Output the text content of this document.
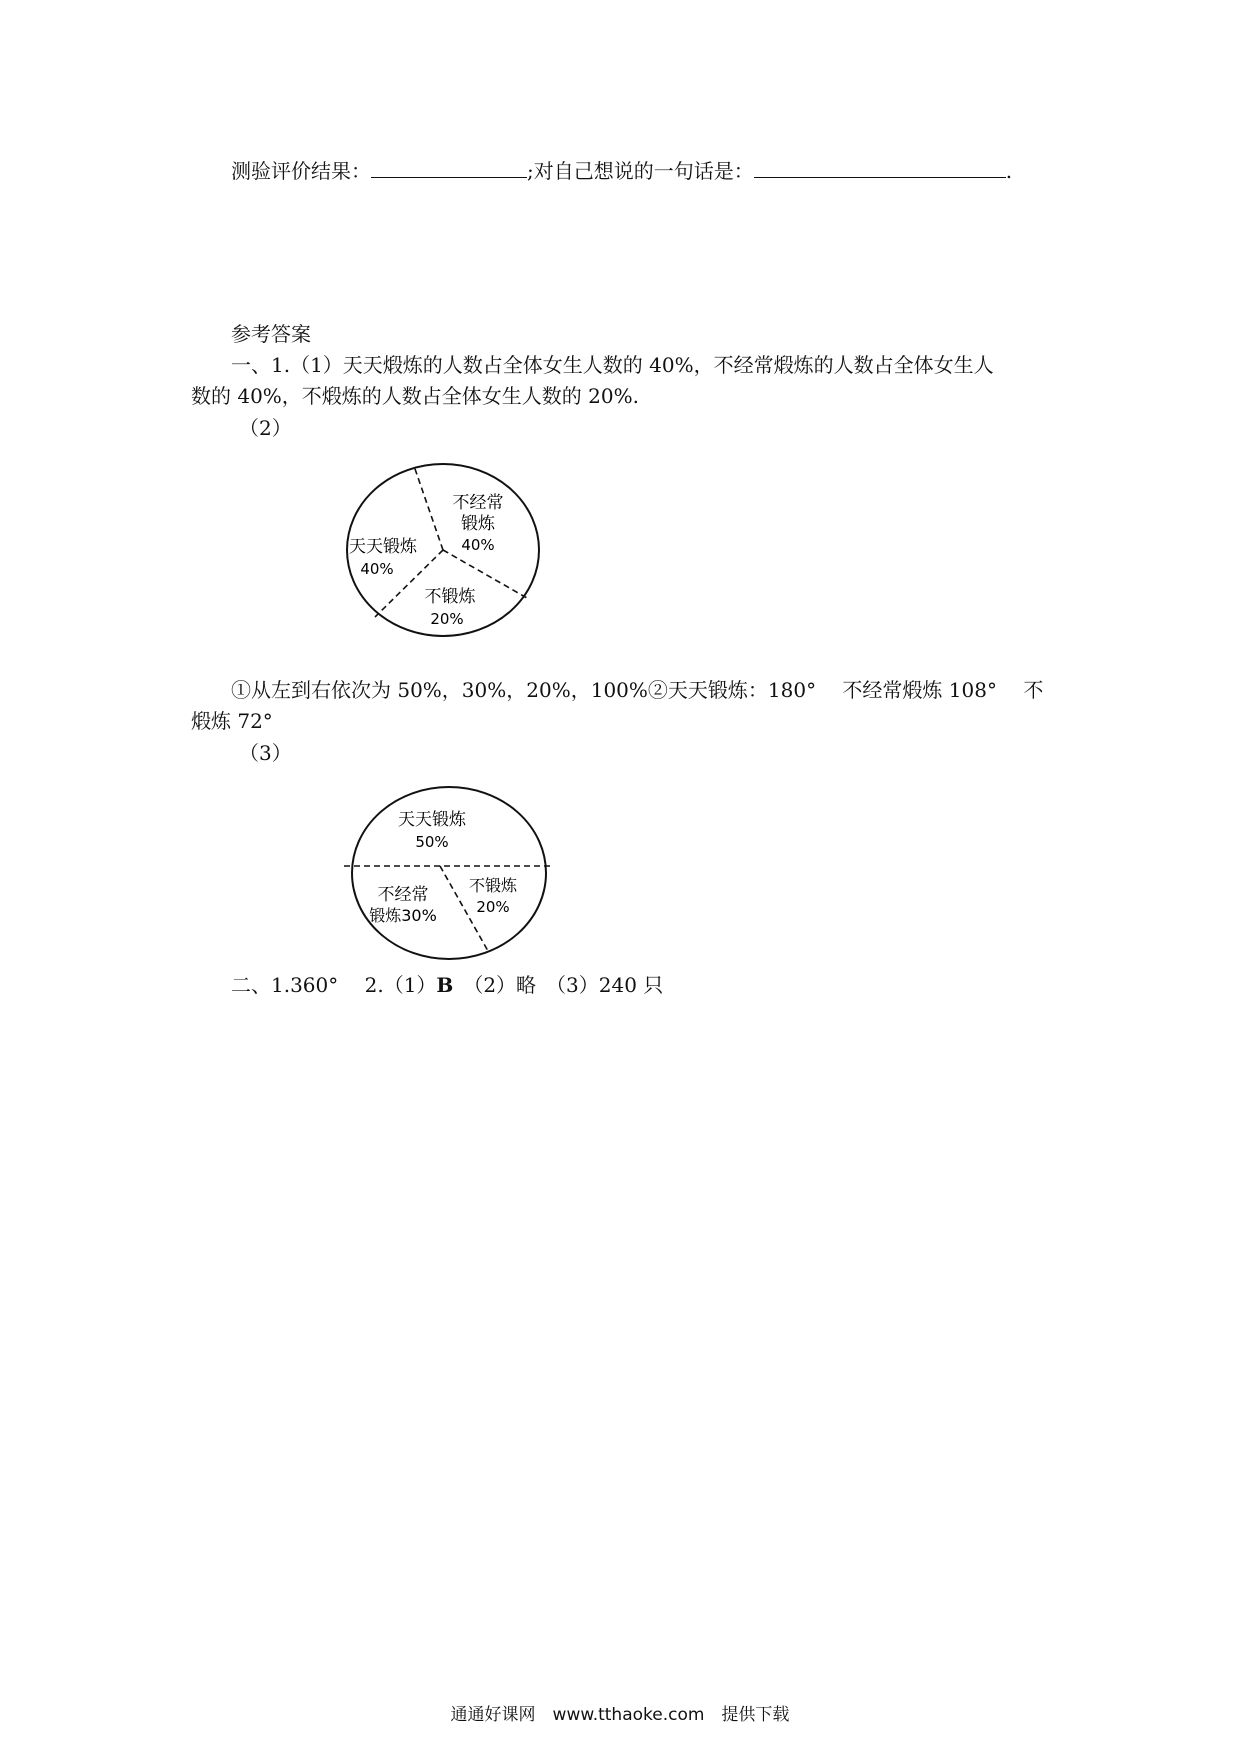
测验评价结果：	;对自己想说的一句话是：	.
参考答案
一、1.（1）天天煅炼的人数占全体女生人数的 40%，不经常煅炼的人数占全体女生人
数的 40%，不煅炼的人数占全体女生人数的 20%.
（2）
不经常
锻炼
40%
天天锻炼
40%
不锻炼
20%
①从左到右依次为 50%，30%，20%，100%②天天锻炼：180°　 不经常煅炼 108°　 不
煅炼 72°
（3）
天天锻炼
50%
不经常
锻炼30%
不锻炼
20%
二、1.360°　 2.（1）B　（2）略　（3）240 只
通通好课网　www.tthaoke.com　提供下载
